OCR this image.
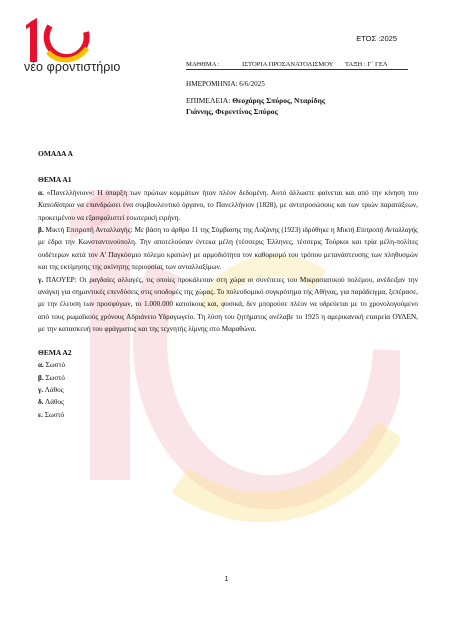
νέο φροντιστήριο
ΕΤΟΣ :2025
ΜΑΘΗΜΑ :	ΙΣΤΟΡΙΑ ΠΡΟΣΑΝΑΤΟΛΙΣΜΟΥ ΤΑΞΗ : Γ΄ ΓΕΛ
ΗΜΕΡΟΜΗΝΙΑ: 6/6/2025
ΕΠΙΜΕΛΕΙΑ: Θεοχάρης Σπύρος, Νταρίδης
Γιάννης, Φερεντίνος Σπύρος
ΟΜΑΔΑ Α
ΘΕΜΑ Α1

α. «Πανελλήνιον»: Η ύπαρξη των πρώτων κομμάτων ήταν πλέον δεδομένη. Αυτό άλλωστε φαίνεται και από την κίνηση του Καποδίστρια να επανδρώσει ένα συμβουλευτικό όργανο, το Πανελλήνιον (1828), με αντιπροσώπους και των τριών παρατάξεων, προκειμένου να εξασφαλιστεί εσωτερική ειρήνη.

β. Μικτή Επιτροπή Ανταλλαγής: Με βάση το άρθρο 11 της Σύμβασης της Λοζάνης (1923) ιδρύθηκε η Μικτή Επιτροπή Ανταλλαγής με έδρα την Κωνσταντινούπολη. Την αποτελούσαν έντεκα μέλη (τέσσερις Έλληνες, τέσσερις Τούρκοι και τρία μέλη-πολίτες ουδέτερων κατά τον Α’ Παγκόσμιο πόλεμο κρατών) με αρμοδιότητα τον καθορισμό του τρόπου μετανάστευσης των πληθυσμών και της εκτίμησης της ακίνητης περιουσίας των ανταλλαξίμων.

γ. ΠΑΟΥΕΡ: Οι ραγδαίες αλλαγές, τις οποίες προκάλεσαν στη χώρα οι συνέπειες του Μικρασιατικού πολέμου, ανέδειξαν την ανάγκη για σημαντικές επενδύσεις στις υποδομές της χώρας. Το πολεοδομικό συγκρότημα της Αθήνας, για παράδειγμα, ξεπέρασε, με την έλευση των προσφύγων, το 1.000.000 κατοίκους και, φυσικά, δεν μπορούσε πλέον να υδρεύεται με το χρονολογούμενο από τους ρωμαϊκούς χρόνους Αδριάνειο Υδραγωγείο. Τη λύση του ζητήματος ανέλαβε το 1925 η αμερικανική εταιρεία ΟΥΛΕΝ, με την κατασκευή του φράγματος και της τεχνητής λίμνης στο Μαραθώνα.

ΘΕΜΑ Α2
α. Σωστό
β. Σωστό
γ. Λάθος
δ. Λάθος
ε. Σωστό
1
